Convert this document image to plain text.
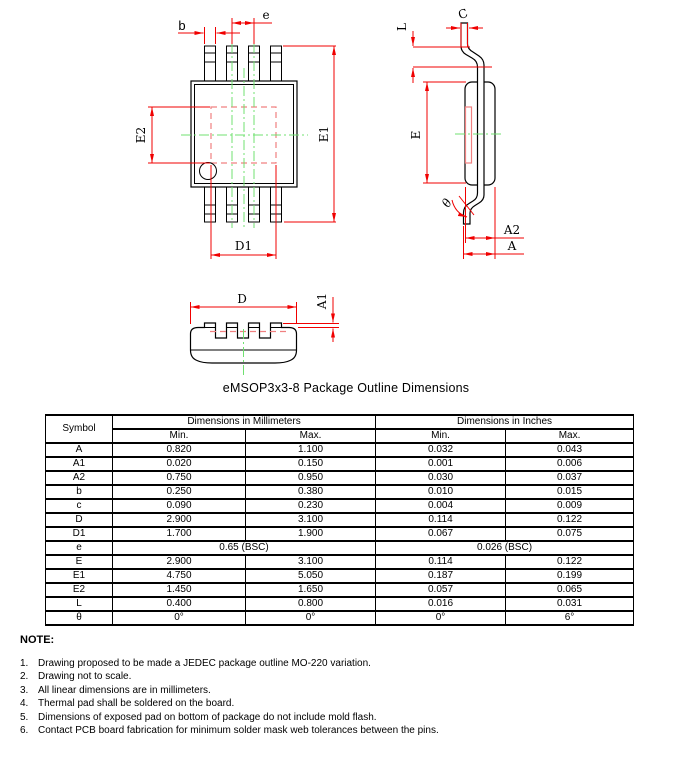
b
e
E1
E2
D1
L
C
E
θ
A2
A
D	A1
eMSOP3x3-8 Package Outline Dimensions
Symbol	Dimensions in Millimeters		Dimensions in Inches	
	Min.	Max.	Min.	Max.
A	0.820	1.100	0.032	0.043
A1	0.020	0.150	0.001	0.006
A2	0.750	0.950	0.030	0.037
b	0.250	0.380	0.010	0.015
c	0.090	0.230	0.004	0.009
D	2.900	3.100	0.114	0.122
D1	1.700	1.900	0.067	0.075
e	0.65 (BSC)		0.026 (BSC)	
E	2.900	3.100	0.114	0.122
E1	4.750	5.050	0.187	0.199
E2	1.450	1.650	0.057	0.065
L	0.400	0.800	0.016	0.031
θ	0°	0°	0°	6°
NOTE:
1. Drawing proposed to be made a JEDEC package outline MO-220 variation.
2. Drawing not to scale.
3. All linear dimensions are in millimeters.
4. Thermal pad shall be soldered on the board.
5. Dimensions of exposed pad on bottom of package do not include mold flash.
6. Contact PCB board fabrication for minimum solder mask web tolerances between the pins.
